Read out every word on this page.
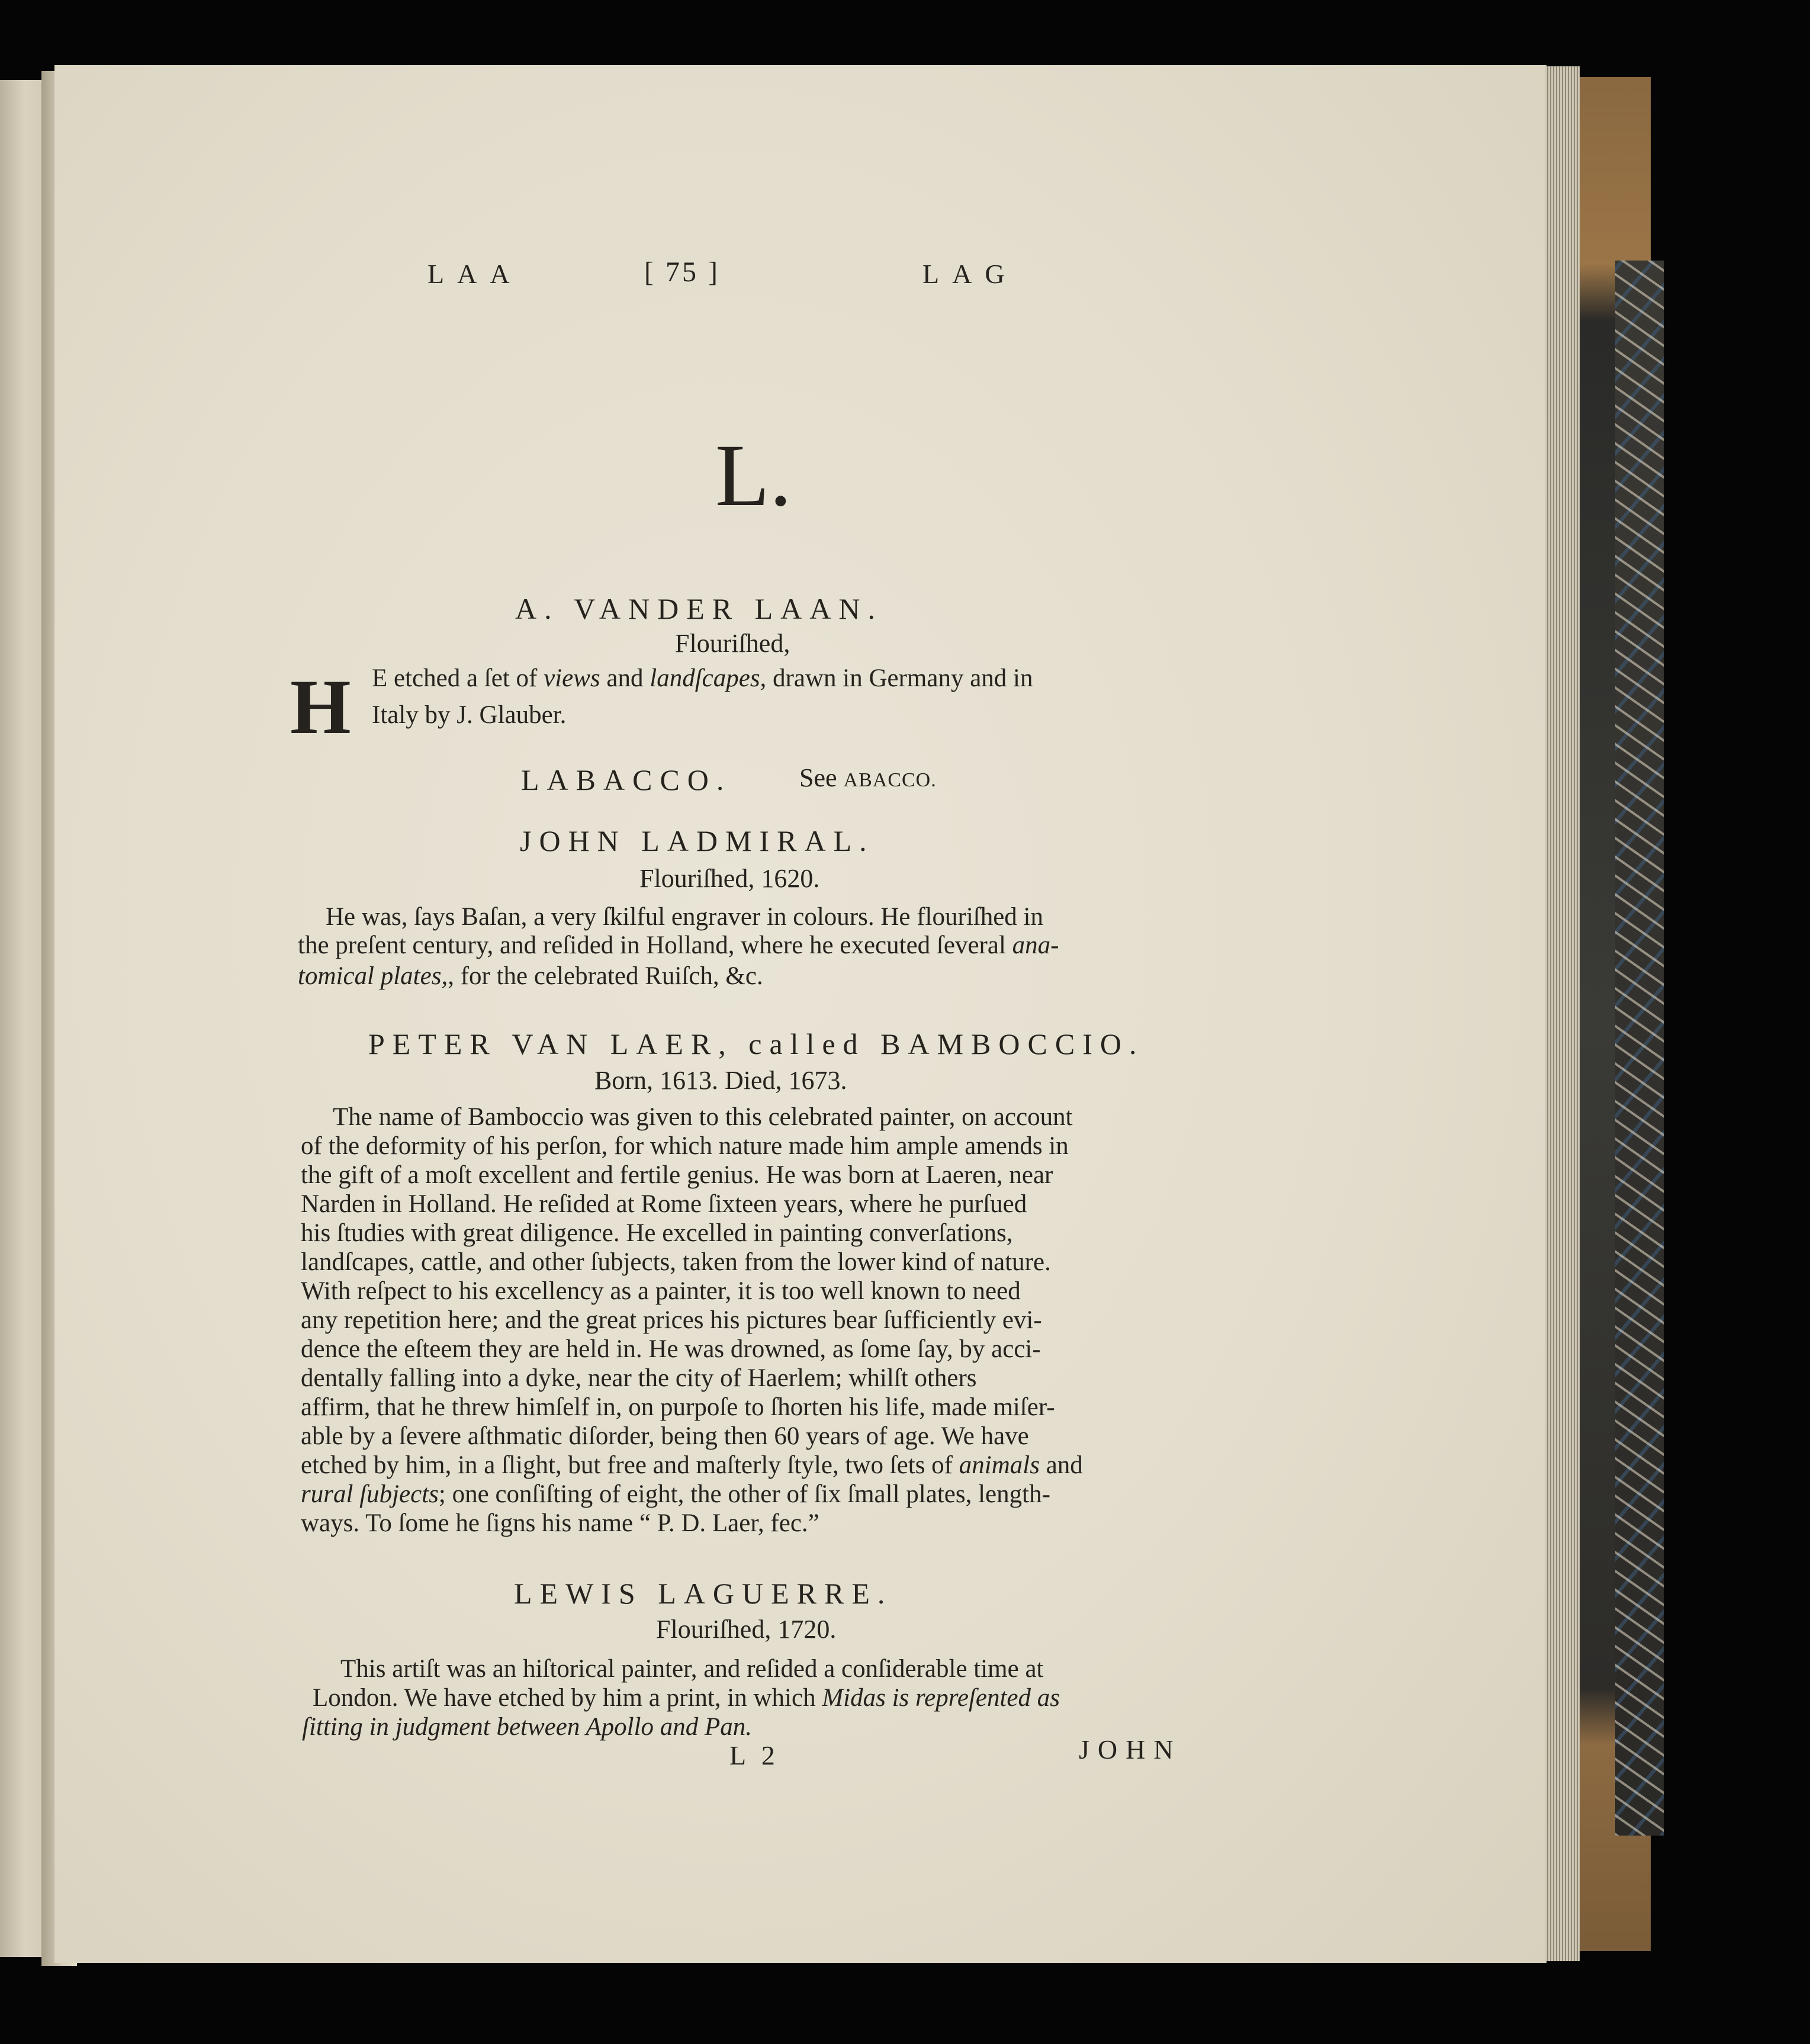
LAA	[ 75 ]	LAG
L.
A. VANDER LAAN.
Flouriſhed,
H E etched a ſet of views and landſcapes, drawn in Germany and in
Italy by J. Glauber.
LABACCO.	See ABACCO.
JOHN LADMIRAL.
Flouriſhed, 1620.
He was, ſays Baſan, a very ſkilful engraver in colours. He flouriſhed in
the preſent century, and reſided in Holland, where he executed ſeveral ana-
tomical plates,, for the celebrated Ruiſch, &c.
PETER VAN LAER, called BAMBOCCIO.
Born, 1613. Died, 1673.
The name of Bamboccio was given to this celebrated painter, on account
of the deformity of his perſon, for which nature made him ample amends in
the gift of a moſt excellent and fertile genius. He was born at Laeren, near
Narden in Holland. He reſided at Rome ſixteen years, where he purſued
his ſtudies with great diligence. He excelled in painting converſations,
landſcapes, cattle, and other ſubjects, taken from the lower kind of nature.
With reſpect to his excellency as a painter, it is too well known to need
any repetition here; and the great prices his pictures bear ſufficiently evi-
dence the eſteem they are held in. He was drowned, as ſome ſay, by acci-
dentally falling into a dyke, near the city of Haerlem; whilſt others
affirm, that he threw himſelf in, on purpoſe to ſhorten his life, made miſer-
able by a ſevere aſthmatic diſorder, being then 60 years of age. We have
etched by him, in a ſlight, but free and maſterly ſtyle, two ſets of animals and
rural ſubjects; one conſiſting of eight, the other of ſix ſmall plates, length-
ways. To ſome he ſigns his name “ P. D. Laer, fec.”
LEWIS LAGUERRE.
Flouriſhed, 1720.
This artiſt was an hiſtorical painter, and reſided a conſiderable time at
London. We have etched by him a print, in which Midas is repreſented as
ſitting in judgment between Apollo and Pan.
L 2	JOHN
